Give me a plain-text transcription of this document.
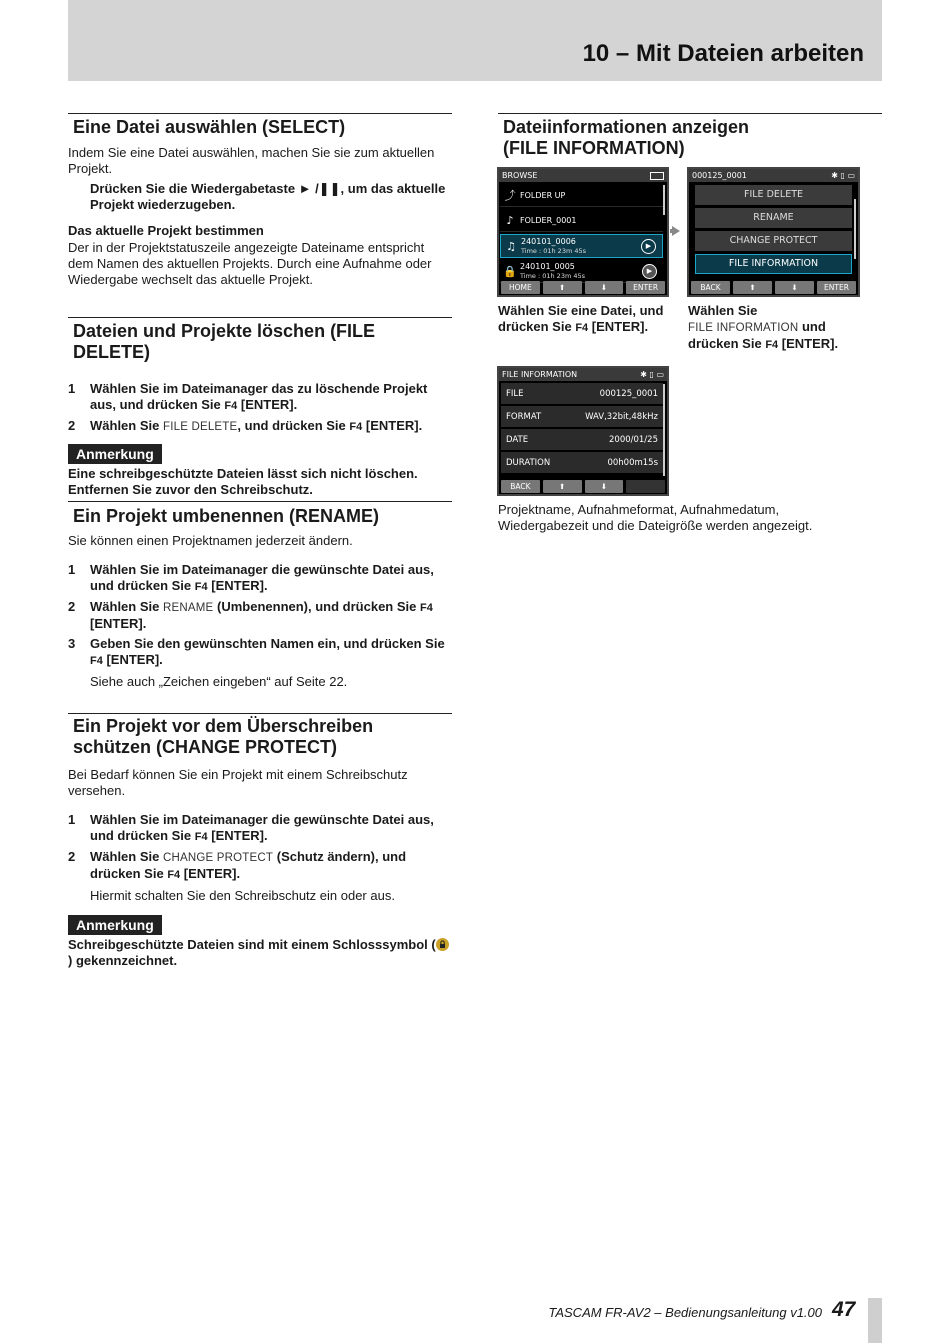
10 – Mit Dateien arbeiten
Eine Datei auswählen (SELECT)

Indem Sie eine Datei auswählen, machen Sie sie zum aktuellen Projekt.

Drücken Sie die Wiedergabetaste ► /❚❚, um das aktuelle Projekt wiederzugeben.

Das aktuelle Projekt bestimmen

Der in der Projektstatuszeile angezeigte Dateiname entspricht dem Namen des aktuellen Projekts. Durch eine Aufnahme oder Wiedergabe wechselt das aktuelle Projekt.

Dateien und Projekte löschen (FILE DELETE)
1	Wählen Sie im Dateimanager das zu löschende Projekt aus, und drücken Sie F4 [ENTER].
2	Wählen Sie FILE DELETE, und drücken Sie F4 [ENTER].
Anmerkung

Eine schreibgeschützte Dateien lässt sich nicht löschen. Entfernen Sie zuvor den Schreibschutz.

Ein Projekt umbenennen (RENAME)

Sie können einen Projektnamen jederzeit ändern.

1	Wählen Sie im Dateimanager die gewünschte Datei aus, und drücken Sie F4 [ENTER].
2	Wählen Sie RENAME (Umbenennen), und drücken Sie F4 [ENTER].
3	Geben Sie den gewünschten Namen ein, und drücken Sie F4 [ENTER].

Siehe auch „Zeichen eingeben“ auf Seite 22.

Ein Projekt vor dem Überschreiben schützen (CHANGE PROTECT)

Bei Bedarf können Sie ein Projekt mit einem Schreibschutz versehen.

1	Wählen Sie im Dateimanager die gewünschte Datei aus, und drücken Sie F4 [ENTER].
2	Wählen Sie CHANGE PROTECT (Schutz ändern), und drücken Sie F4 [ENTER].

Hiermit schalten Sie den Schreibschutz ein oder aus.

Anmerkung

Schreibgeschützte Dateien sind mit einem Schlosssymbol () gekennzeichnet.

Dateiinformationen anzeigen (FILE INFORMATION)
BROWSE
⤴ FOLDER UP
♪ FOLDER_0001
♫ 240101_0006
Time : 01h 23m 45s
▶
🔒 240101_0005
Time : 01h 23m 45s
▶
HOME	⬆	⬇	ENTER
000125_0001	✱ ▯ ▭
FILE DELETE
RENAME
CHANGE PROTECT
FILE INFORMATION
BACK	⬆	⬇	ENTER
Wählen Sie eine Datei, und drücken Sie F4 [ENTER].
Wählen Sie
FILE INFORMATION und drücken Sie F4 [ENTER].
FILE INFORMATION	✱ ▯ ▭
FILE	000125_0001
FORMAT	WAV,32bit,48kHz
DATE	2000/01/25
DURATION	00h00m15s
BACK	⬆	⬇
Projektname, Aufnahmeformat, Aufnahmedatum, Wiedergabezeit und die Dateigröße werden angezeigt.
TASCAM FR-AV2 – Bedienungsanleitung v1.00 47
